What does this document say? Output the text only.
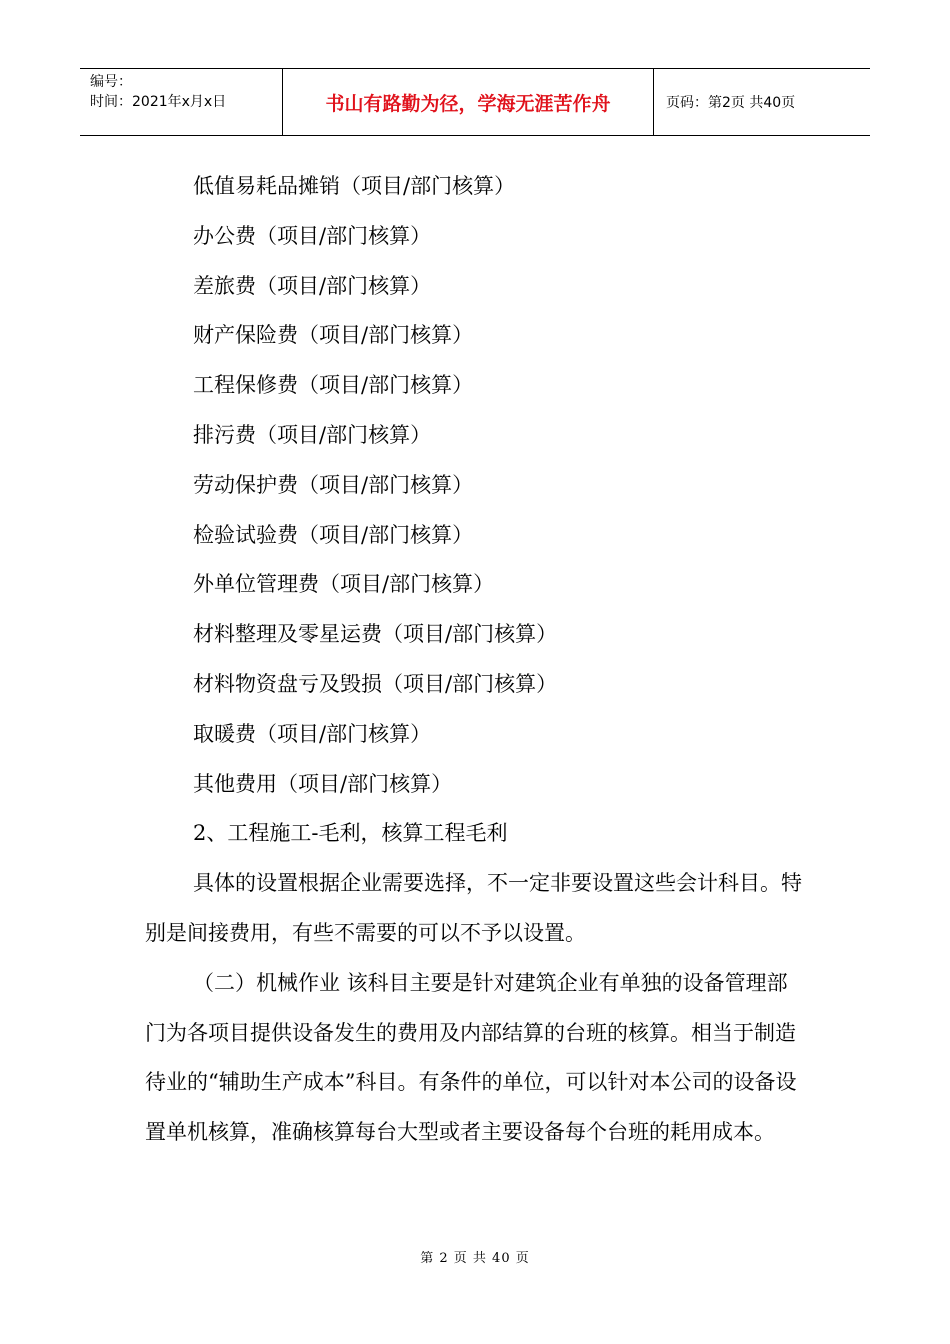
编号：
时间：2021年x月x日	书山有路勤为径，学海无涯苦作舟	页码：第2页 共40页

低值易耗品摊销（项目/部门核算）

办公费（项目/部门核算）

差旅费（项目/部门核算）

财产保险费（项目/部门核算）

工程保修费（项目/部门核算）

排污费（项目/部门核算）

劳动保护费（项目/部门核算）

检验试验费（项目/部门核算）

外单位管理费（项目/部门核算）

材料整理及零星运费（项目/部门核算）

材料物资盘亏及毁损（项目/部门核算）

取暖费（项目/部门核算）

其他费用（项目/部门核算）

2、工程施工-毛利，核算工程毛利

具体的设置根据企业需要选择，不一定非要设置这些会计科目。特别是间接费用，有些不需要的可以不予以设置。

（二）机械作业 该科目主要是针对建筑企业有单独的设备管理部门为各项目提供设备发生的费用及内部结算的台班的核算。相当于制造待业的“辅助生产成本”科目。有条件的单位，可以针对本公司的设备设置单机核算，准确核算每台大型或者主要设备每个台班的耗用成本。

第 2 页 共 40 页
